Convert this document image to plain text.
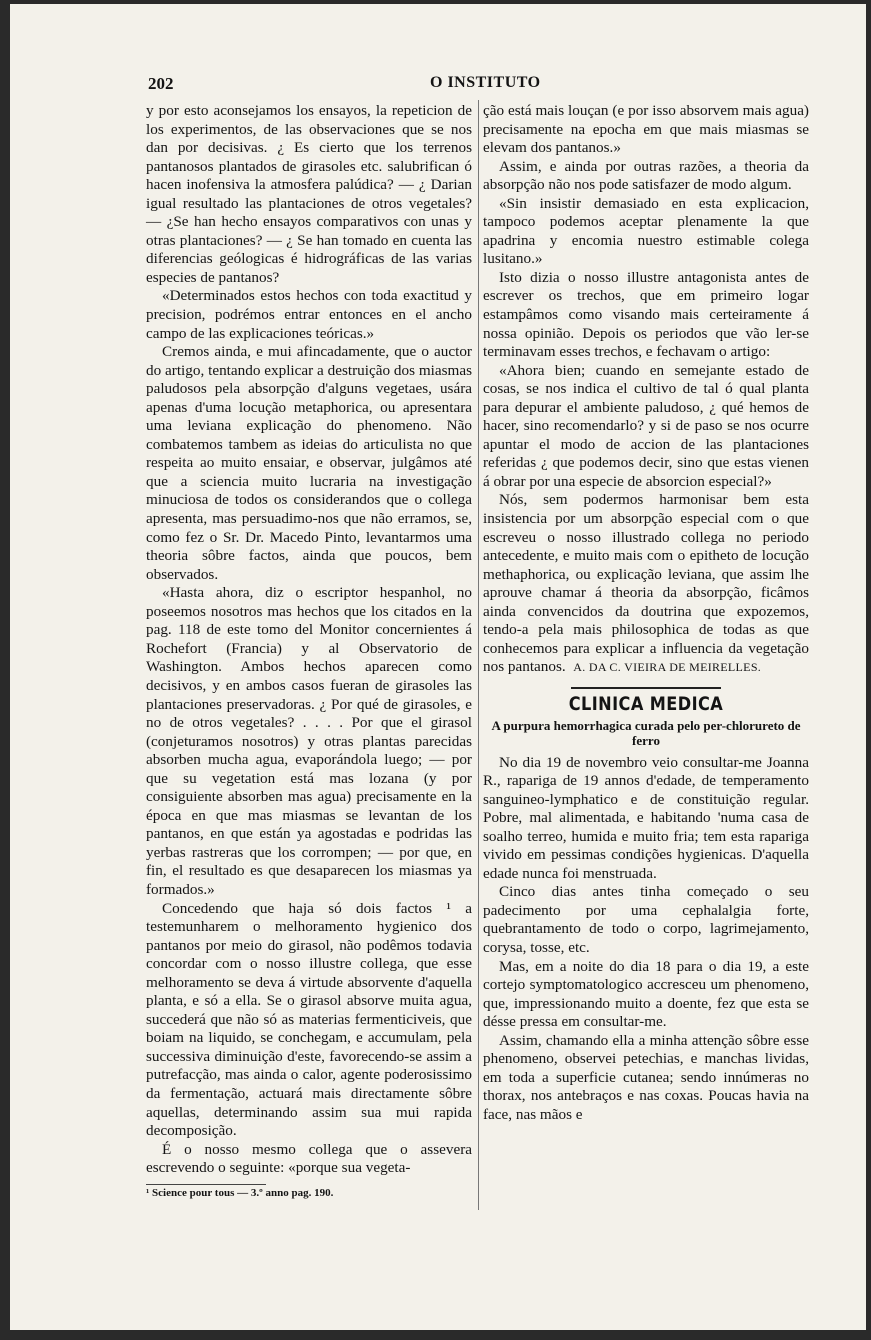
202	O INSTITUTO

y por esto aconsejamos los ensayos, la repeticion de los experimentos, de las observaciones que se nos dan por decisivas. ¿ Es cierto que los terrenos pantanosos plantados de girasoles etc. salubrifican ó hacen inofensiva la atmosfera palúdica? — ¿ Darian igual resultado las plantaciones de otros vegetales? — ¿Se han hecho ensayos comparativos con unas y otras plantaciones? — ¿ Se han tomado en cuenta las diferencias geólogicas é hidrográficas de las varias especies de pantanos?

«Determinados estos hechos con toda exactitud y precision, podrémos entrar entonces en el ancho campo de las explicaciones teóricas.»

Cremos ainda, e mui afincadamente, que o auctor do artigo, tentando explicar a destruição dos miasmas paludosos pela absorpção d'alguns vegetaes, usára apenas d'uma locução metaphorica, ou apresentara uma leviana explicação do phenomeno. Não combatemos tambem as ideias do articulista no que respeita ao muito ensaiar, e observar, julgâmos até que a sciencia muito lucraria na investigação minuciosa de todos os considerandos que o collega apresenta, mas persuadimo-nos que não erramos, se, como fez o Sr. Dr. Macedo Pinto, levantarmos uma theoria sôbre factos, ainda que poucos, bem observados.

«Hasta ahora, diz o escriptor hespanhol, no poseemos nosotros mas hechos que los citados en la pag. 118 de este tomo del Monitor concernientes á Rochefort (Francia) y al Observatorio de Washington. Ambos hechos aparecen como decisivos, y en ambos casos fueran de girasoles las plantaciones preservadoras. ¿ Por qué de girasoles, e no de otros vegetales? . . . . Por que el girasol (conjeturamos nosotros) y otras plantas parecidas absorben mucha agua, evaporándola luego; — por que su vegetation está mas lozana (y por consiguiente absorben mas agua) precisamente en la época en que mas miasmas se levantan de los pantanos, en que están ya agostadas e podridas las yerbas rastreras que los corrompen; — por que, en fin, el resultado es que desaparecen los miasmas ya formados.»

Concedendo que haja só dois factos ¹ a testemunharem o melhoramento hygienico dos pantanos por meio do girasol, não podêmos todavia concordar com o nosso illustre collega, que esse melhoramento se deva á virtude absorvente d'aquella planta, e só a ella. Se o girasol absorve muita agua, succederá que não só as materias fermenticiveis, que boiam na liquido, se conchegam, e accumulam, pela successiva diminuição d'este, favorecendo-se assim a putrefacção, mas ainda o calor, agente poderosissimo da fermentação, actuará mais directamente sôbre aquellas, determinando assim sua mui rapida decomposição.

É o nosso mesmo collega que o assevera escrevendo o seguinte: «porque sua vegeta-

¹ Science pour tous — 3.º anno pag. 190.

ção está mais louçan (e por isso absorvem mais agua) precisamente na epocha em que mais miasmas se elevam dos pantanos.»

Assim, e ainda por outras razões, a theoria da absorpção não nos pode satisfazer de modo algum.

«Sin insistir demasiado en esta explicacion, tampoco podemos aceptar plenamente la que apadrina y encomia nuestro estimable colega lusitano.»

Isto dizia o nosso illustre antagonista antes de escrever os trechos, que em primeiro logar estampâmos como visando mais certeiramente á nossa opinião. Depois os periodos que vão ler-se terminavam esses trechos, e fechavam o artigo:

«Ahora bien; cuando en semejante estado de cosas, se nos indica el cultivo de tal ó qual planta para depurar el ambiente paludoso, ¿ qué hemos de hacer, sino recomendarlo? y si de paso se nos ocurre apuntar el modo de accion de las plantaciones referidas ¿ que podemos decir, sino que estas vienen á obrar por una especie de absorcion especial?»

Nós, sem podermos harmonisar bem esta insistencia por um absorpção especial com o que escreveu o nosso illustrado collega no periodo antecedente, e muito mais com o epitheto de locução methaphorica, ou explicação leviana, que assim lhe aprouve chamar á theoria da absorpção, ficâmos ainda convencidos da doutrina que expozemos, tendo-a pela mais philosophica de todas as que conhecemos para explicar a influencia da vegetação nos pantanos. A. DA C. VIEIRA DE MEIRELLES.

CLINICA MEDICA
A purpura hemorrhagica curada pelo per-chlorureto de ferro

No dia 19 de novembro veio consultar-me Joanna R., rapariga de 19 annos d'edade, de temperamento sanguineo-lymphatico e de constituição regular. Pobre, mal alimentada, e habitando 'numa casa de soalho terreo, humida e muito fria; tem esta rapariga vivido em pessimas condições hygienicas. D'aquella edade nunca foi menstruada.

Cinco dias antes tinha começado o seu padecimento por uma cephalalgia forte, quebrantamento de todo o corpo, lagrimejamento, corysa, tosse, etc.

Mas, em a noite do dia 18 para o dia 19, a este cortejo symptomatologico accresceu um phenomeno, que, impressionando muito a doente, fez que esta se désse pressa em consultar-me.

Assim, chamando ella a minha attenção sôbre esse phenomeno, observei petechias, e manchas lividas, em toda a superficie cutanea; sendo innúmeras no thorax, nos antebraços e nas coxas. Poucas havia na face, nas mãos e
